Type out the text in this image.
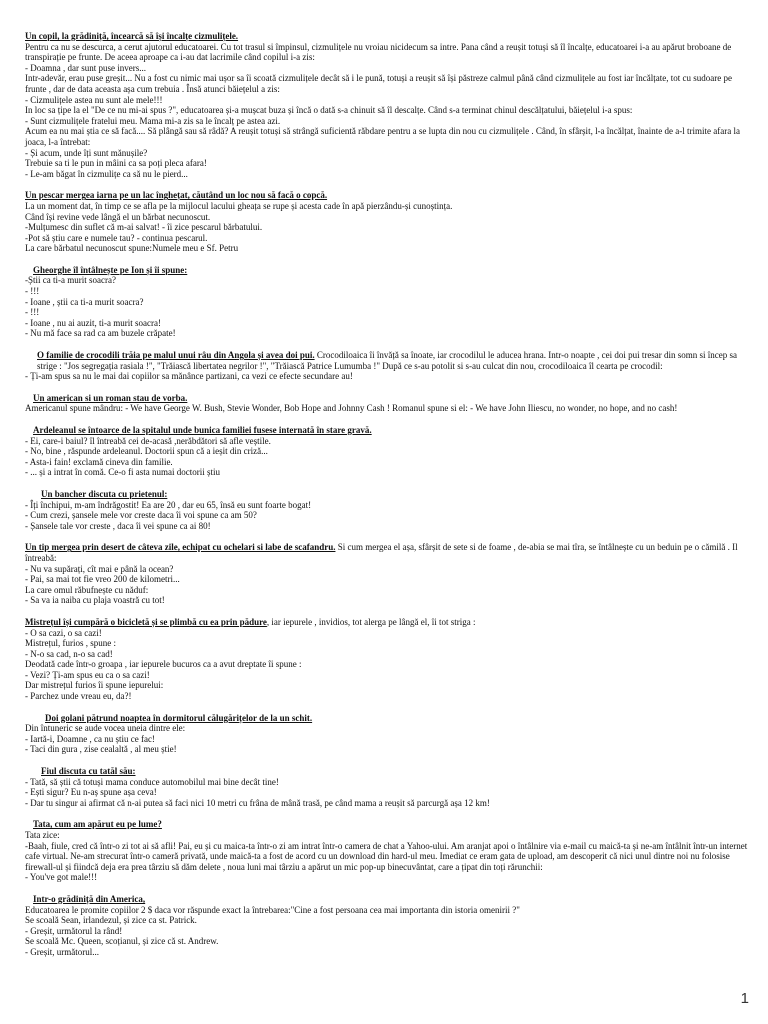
Un copil, la grădiniță, încearcă să își încalțe cizmulițele.
Pentru ca nu se descurca, a cerut ajutorul educatoarei. Cu tot trasul si împinsul, cizmulițele nu vroiau nicidecum sa intre. Pana când a reușit totuși să îl încalțe, educatoarei i-a au apărut broboane de transpirație pe frunte. De aceea aproape ca i-au dat lacrimile când copilul i-a zis:
- Doamna , dar sunt puse invers...
Intr-adevăr, erau puse greșit... Nu a fost cu nimic mai ușor sa îi scoată cizmulițele decât să i le pună, totuși a reușit să își păstreze calmul până când cizmulițele au fost iar încălțate, tot cu sudoare pe frunte , dar de data aceasta așa cum trebuia . Însă atunci băiețelul a zis:
- Cizmulițele astea nu sunt ale mele!!!
In loc sa țipe la el "De ce nu mi-ai spus ?", educatoarea și-a mușcat buza și încă o dată s-a chinuit să îl descalțe. Când s-a terminat chinul descălțatului, băiețelul i-a spus:
- Sunt cizmulițele fratelui meu. Mama mi-a zis sa le încalț pe astea azi.
Acum ea nu mai știa ce să facă.... Să plângă sau să râdă? A reușit totuși să strângă suficientă răbdare pentru a se lupta din nou cu cizmulițele . Când, în sfârșit, l-a încălțat, înainte de a-l trimite afara la joaca, l-a întrebat:
- Și acum, unde îți sunt mănușile?
Trebuie sa ti le pun in mâini ca sa poți pleca afara!
- Le-am băgat în cizmulițe ca să nu le pierd...
Un pescar mergea iarna pe un lac înghețat, căutând un loc nou să facă o copcă.
La un moment dat, în timp ce se afla pe la mijlocul lacului gheața se rupe și acesta cade în apă pierzându-și cunoștința.
Când își revine vede lângă el un bărbat necunoscut.
-Mulțumesc din suflet că m-ai salvat! - îi zice pescarul bărbatului.
-Pot să știu care e numele tau? - continua pescarul.
La care bărbatul necunoscut spune:Numele meu e Sf. Petru
Gheorghe îl întâlnește pe Ion și îi spune:
-Știi ca ti-a murit soacra?
- !!!
- Ioane , știi ca ti-a murit soacra?
- !!!
- Ioane , nu ai auzit, ti-a murit soacra!
- Nu mă face sa rad ca am buzele crăpate!
O familie de crocodili trăia pe malul unui râu din Angola și avea doi pui. Crocodiloaica îi învăță sa înoate, iar crocodilul le aducea hrana. Intr-o noapte , cei doi pui tresar din somn si încep sa strige : "Jos segregația rasiala !", "Trăiască libertatea negrilor !", "Trăiască Patrice Lumumba !" După ce s-au potolit si s-au culcat din nou, crocodiloaica îl cearta pe crocodil:
- Ți-am spus sa nu le mai dai copiilor sa mănânce partizani, ca vezi ce efecte secundare au!
Un american si un roman stau de vorba.
Americanul spune mândru: - We have George W. Bush, Stevie Wonder, Bob Hope and Johnny Cash ! Romanul spune si el: - We have John Iliescu, no wonder, no hope, and no cash!
Ardeleanul se întoarce de la spitalul unde bunica familiei fusese internată în stare gravă.
- Ei, care-i baiul? îl întreabă cei de-acasă ,nerăbdători să afle veștile.
- No, bine , răspunde ardeleanul. Doctorii spun că a ieșit din criză...
- Asta-i fain! exclamă cineva din familie.
- ... și a intrat în comă. Ce-o fi asta numai doctorii știu
Un bancher discuta cu prietenul:
- Îți închipui, m-am îndrăgostit! Ea are 20 , dar eu 65, însă eu sunt foarte bogat!
- Cum crezi, șansele mele vor creste daca îi voi spune ca am 50?
- Șansele tale vor creste , daca îi vei spune ca ai 80!
Un tip mergea prin desert de câteva zile, echipat cu ochelari si labe de scafandru. Si cum mergea el așa, sfârșit de sete si de foame , de-abia se mai tîra, se întâlnește cu un beduin pe o cămilă . Il întreabă:
- Nu va supărați, cît mai e până la ocean?
- Pai, sa mai tot fie vreo 200 de kilometri...
La care omul răbufnește cu năduf:
- Sa va ia naiba cu plaja voastră cu tot!
Mistrețul își cumpără o bicicletă și se plimbă cu ea prin pădure, iar iepurele , invidios, tot alerga pe lângă el, îi tot striga :
- O sa cazi, o sa cazi!
Mistrețul, furios , spune :
- N-o sa cad, n-o sa cad!
Deodată cade într-o groapa , iar iepurele bucuros ca a avut dreptate îi spune :
- Vezi? Ți-am spus eu ca o sa cazi!
Dar mistrețul furios îi spune iepurelui:
- Parchez unde vreau eu, da?!
Doi golani pătrund noaptea în dormitorul călugărițelor de la un schit.
Din întuneric se aude vocea uneia dintre ele:
- Iartă-i, Doamne , ca nu știu ce fac!
- Taci din gura , zise cealaltă , al meu știe!
Fiul discuta cu tatăl său:
- Tată, să știi că totuși mama conduce automobilul mai bine decât tine!
- Ești sigur? Eu n-aș spune așa ceva!
- Dar tu singur ai afirmat că n-ai putea să faci nici 10 metri cu frâna de mână trasă, pe când mama a reușit să parcurgă așa 12 km!
Tata, cum am apărut eu pe lume?
Tata zice:
-Baah, fiule, cred că într-o zi tot ai să afli! Pai, eu și cu maica-ta într-o zi am intrat într-o camera de chat a Yahoo-ului. Am aranjat apoi o întâlnire via e-mail cu maică-ta și ne-am întâlnit într-un internet cafe virtual. Ne-am strecurat într-o cameră privată, unde maică-ta a fost de acord cu un download din hard-ul meu. Imediat ce eram gata de upload, am descoperit că nici unul dintre noi nu folosise firewall-ul și fiindcă deja era prea târziu să dăm delete , noua luni mai târziu a apărut un mic pop-up binecuvântat, care a țipat din toți rărunchii:
- You've got male!!!
Intr-o grădiniță din America,
Educatoarea le promite copiilor 2 $ daca vor răspunde exact la întrebarea:"Cine a fost persoana cea mai importanta din istoria omenirii ?"
Se scoală Sean, irlandezul, și zice ca st. Patrick.
- Greșit, următorul la rând!
Se scoală Mc. Queen, scoțianul, și zice că st. Andrew.
- Greșit, următorul...
1
